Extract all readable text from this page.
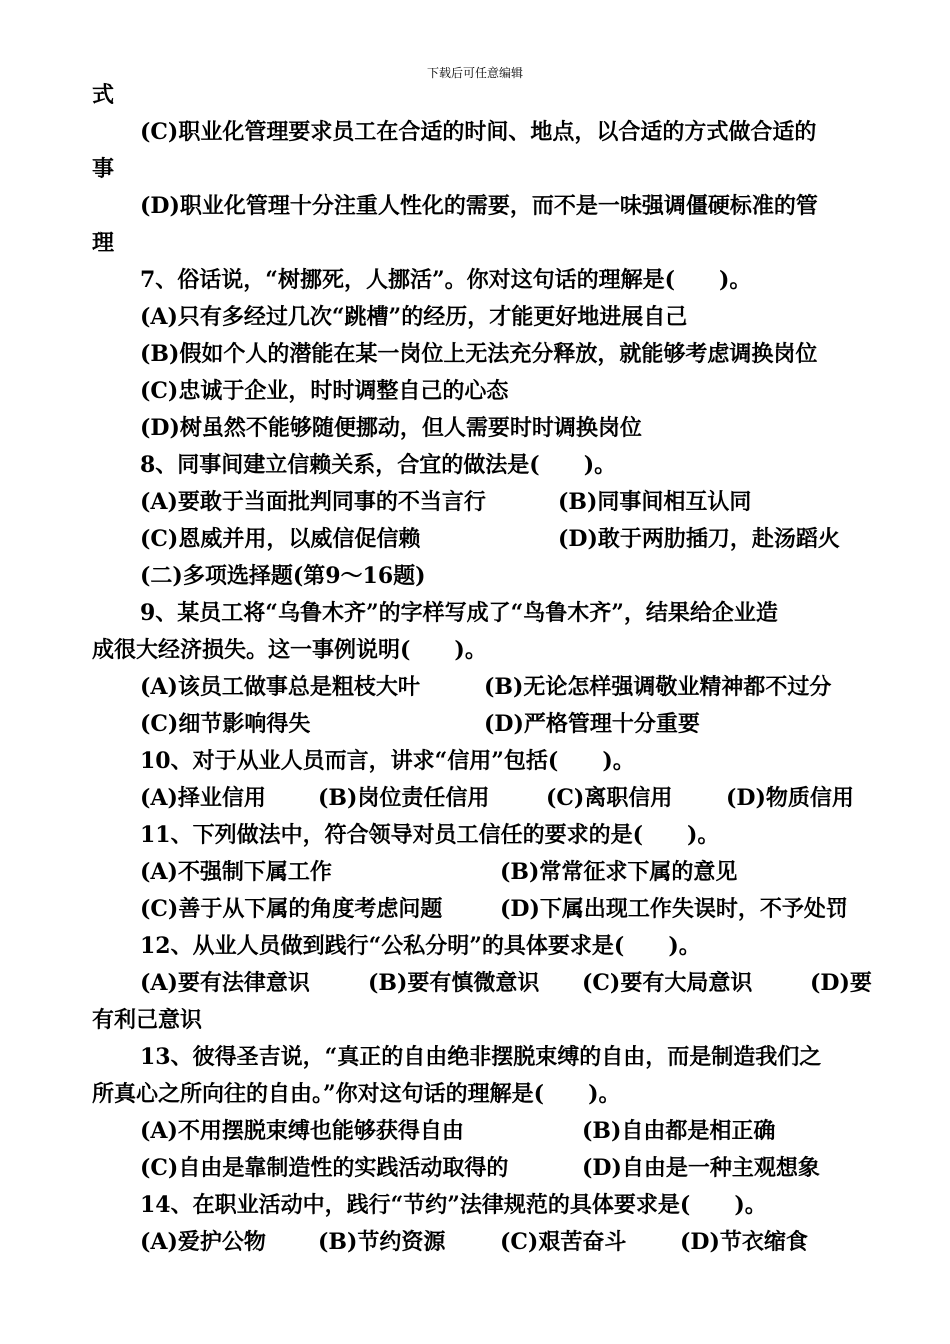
下载后可任意编辑
式
(C)职业化管理要求员工在合适的时间、地点，以合适的方式做合适的
事
(D)职业化管理十分注重人性化的需要，而不是一味强调僵硬标准的管
理
7、俗话说，“树挪死，人挪活”。你对这句话的理解是(　　)。
(A)只有多经过几次“跳槽”的经历，才能更好地进展自己
(B)假如个人的潜能在某一岗位上无法充分释放，就能够考虑调换岗位
(C)忠诚于企业，时时调整自己的心态
(D)树虽然不能够随便挪动，但人需要时时调换岗位
8、同事间建立信赖关系，合宜的做法是(　　)。
(A)要敢于当面批判同事的不当言行	(B)同事间相互认同
(C)恩威并用，以威信促信赖	(D)敢于两肋插刀，赴汤蹈火
(二)多项选择题(第9～16题)
9、某员工将“乌鲁木齐”的字样写成了“鸟鲁木齐”，结果给企业造
成很大经济损失。这一事例说明(　　)。
(A)该员工做事总是粗枝大叶	(B)无论怎样强调敬业精神都不过分
(C)细节影响得失	(D)严格管理十分重要
10、对于从业人员而言，讲求“信用”包括(　　)。
(A)择业信用 (B)岗位责任信用	(C)离职信用 (D)物质信用
11、下列做法中，符合领导对员工信任的要求的是(　　)。
(A)不强制下属工作	(B)常常征求下属的意见
(C)善于从下属的角度考虑问题	(D)下属出现工作失误时，不予处罚
12、从业人员做到践行“公私分明”的具体要求是(　　)。
(A)要有法律意识	(B)要有慎微意识 (C)要有大局意识	(D)要
有利己意识
13、彼得圣吉说，“真正的自由绝非摆脱束缚的自由，而是制造我们之
所真心之所向往的自由。”你对这句话的理解是(　　)。
(A)不用摆脱束缚也能够获得自由	(B)自由都是相正确
(C)自由是靠制造性的实践活动取得的	(D)自由是一种主观想象
14、在职业活动中，践行“节约”法律规范的具体要求是(　　)。
(A)爱护公物 (B)节约资源 (C)艰苦奋斗 (D)节衣缩食
